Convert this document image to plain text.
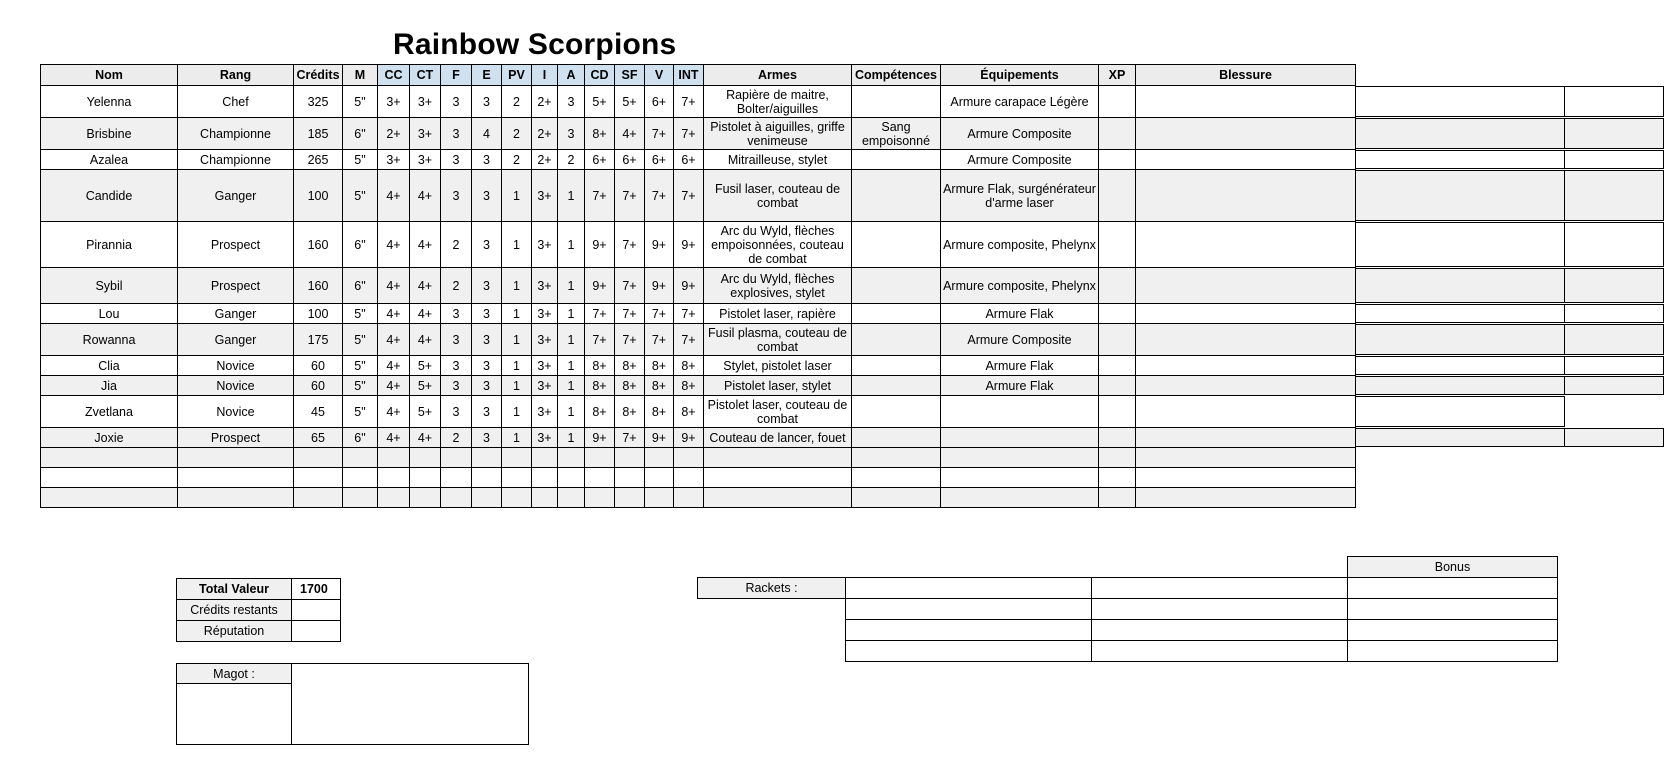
Rainbow Scorpions
Nom	Rang	Crédits	M	CC	CT	F	E	PV	I	A	CD	SF	V	INT	Armes	Compétences	Équipements	XP	Blessure
Yelenna	Chef	325	5"	3+	3+	3	3	2	2+	3	5+	5+	6+	7+	Rapière de maitre, Bolter/aiguilles		Armure carapace Légère		
Brisbine	Championne	185	6"	2+	3+	3	4	2	2+	3	8+	4+	7+	7+	Pistolet à aiguilles, griffe venimeuse	Sang empoisonné	Armure Composite		
Azalea	Championne	265	5"	3+	3+	3	3	2	2+	2	6+	6+	6+	6+	Mitrailleuse, stylet		Armure Composite		
Candide	Ganger	100	5"	4+	4+	3	3	1	3+	1	7+	7+	7+	7+	Fusil laser, couteau de combat		Armure Flak, surgénérateur d'arme laser		
Pirannia	Prospect	160	6"	4+	4+	2	3	1	3+	1	9+	7+	9+	9+	Arc du Wyld, flèches empoisonnées, couteau de combat		Armure composite, Phelynx		
Sybil	Prospect	160	6"	4+	4+	2	3	1	3+	1	9+	7+	9+	9+	Arc du Wyld, flèches explosives, stylet		Armure composite, Phelynx		
Lou	Ganger	100	5"	4+	4+	3	3	1	3+	1	7+	7+	7+	7+	Pistolet laser, rapière		Armure Flak		
Rowanna	Ganger	175	5"	4+	4+	3	3	1	3+	1	7+	7+	7+	7+	Fusil plasma, couteau de combat		Armure Composite		
Clia	Novice	60	5"	4+	5+	3	3	1	3+	1	8+	8+	8+	8+	Stylet, pistolet laser		Armure Flak		
Jia	Novice	60	5"	4+	5+	3	3	1	3+	1	8+	8+	8+	8+	Pistolet laser, stylet		Armure Flak		
Zvetlana	Novice	45	5"	4+	5+	3	3	1	3+	1	8+	8+	8+	8+	Pistolet laser, couteau de combat				
Joxie	Prospect	65	6"	4+	4+	2	3	1	3+	1	9+	7+	9+	9+	Couteau de lancer, fouet				

Total Valeur	1700
Crédits restants	
Réputation	
Magot :	

			Bonus
Rackets :			
